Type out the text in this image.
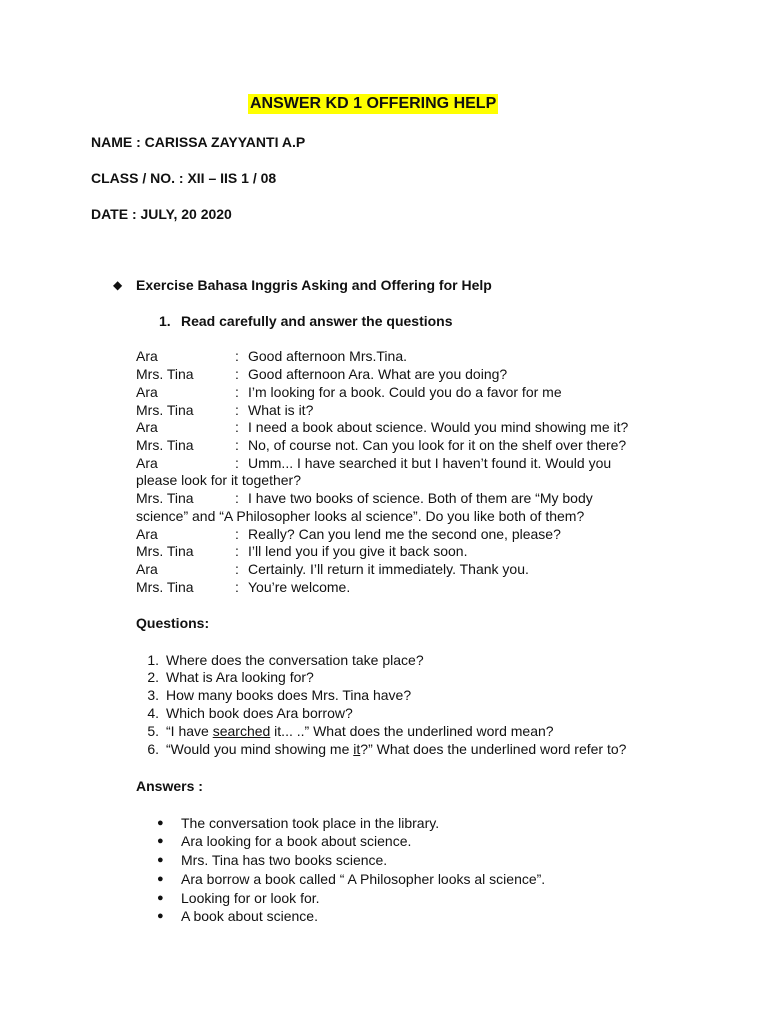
ANSWER KD 1 OFFERING HELP
NAME : CARISSA ZAYYANTI A.P
CLASS / NO. : XII – IIS 1 / 08
DATE : JULY, 20 2020
◆ Exercise Bahasa Inggris Asking and Offering for Help
1. Read carefully and answer the questions
Ara	: Good afternoon Mrs.Tina.
Mrs. Tina	: Good afternoon Ara. What are you doing?
Ara	: I’m looking for a book. Could you do a favor for me
Mrs. Tina	: What is it?
Ara	: I need a book about science. Would you mind showing me it?
Mrs. Tina	: No, of course not. Can you look for it on the shelf over there?
Ara	: Umm... I have searched it but I haven’t found it. Would you
please look for it together?
Mrs. Tina	: I have two books of science. Both of them are “My body
science” and “A Philosopher looks al science”. Do you like both of them?
Ara	: Really? Can you lend me the second one, please?
Mrs. Tina	: I’ll lend you if you give it back soon.
Ara	: Certainly. I’ll return it immediately. Thank you.
Mrs. Tina	: You’re welcome.
Questions:
1. Where does the conversation take place?
2. What is Ara looking for?
3. How many books does Mrs. Tina have?
4. Which book does Ara borrow?
5. “I have searched it... ..” What does the underlined word mean?
6. “Would you mind showing me it?” What does the underlined word refer to?
Answers :
● The conversation took place in the library.
● Ara looking for a book about science.
● Mrs. Tina has two books science.
● Ara borrow a book called “ A Philosopher looks al science”.
● Looking for or look for.
● A book about science.
